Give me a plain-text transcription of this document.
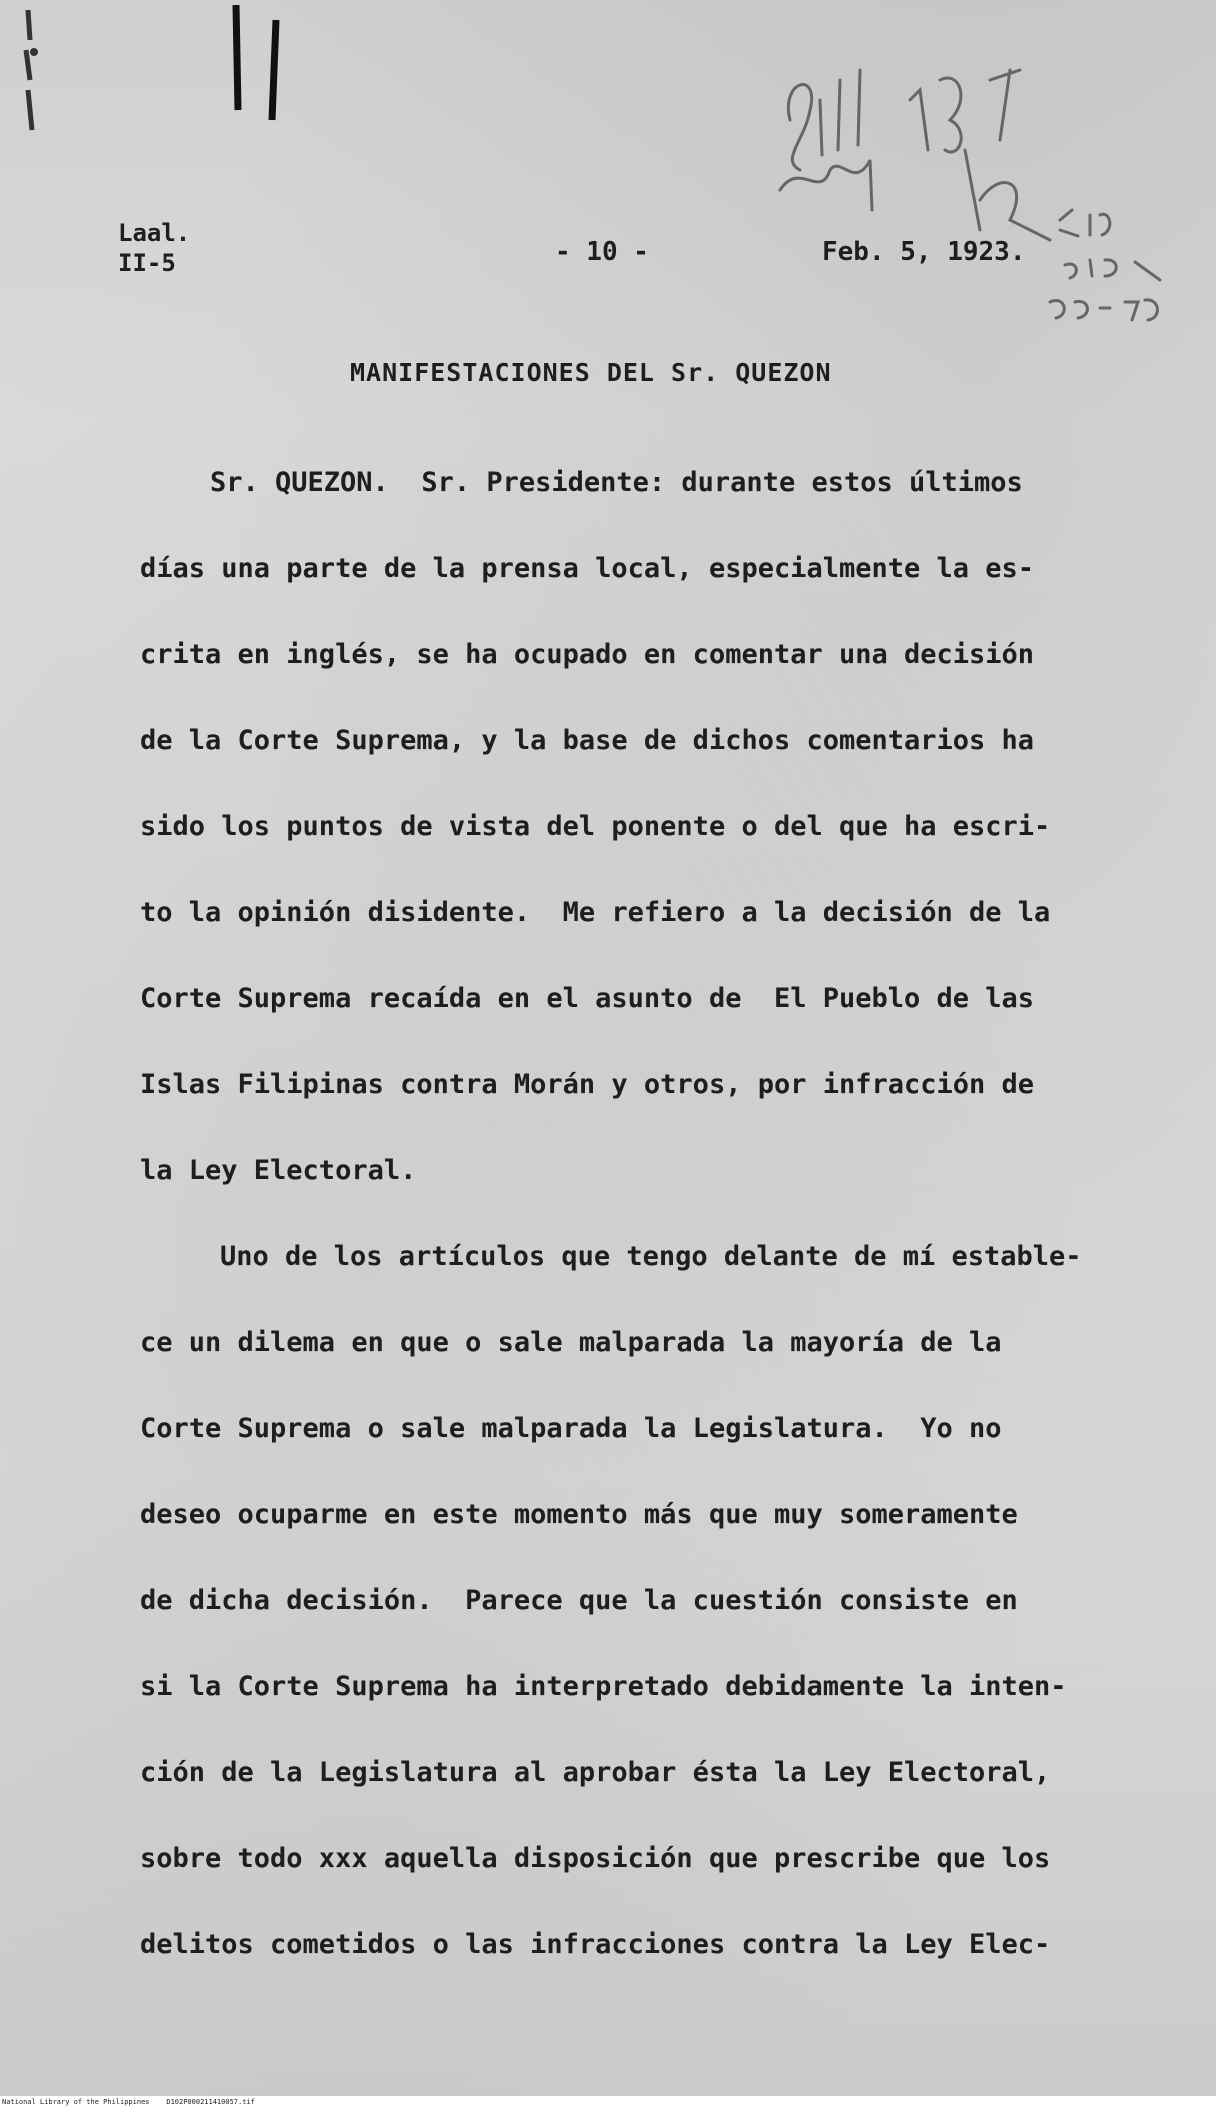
Laal.
II-5	- 10 -	Feb. 5, 1923.
MANIFESTACIONES DEL Sr. QUEZON

Sr. QUEZON.  Sr. Presidente: durante estos últimos

días una parte de la prensa local, especialmente la es-

crita en inglés, se ha ocupado en comentar una decisión

de la Corte Suprema, y la base de dichos comentarios ha

sido los puntos de vista del ponente o del que ha escri-

to la opinión disidente.  Me refiero a la decisión de la

Corte Suprema recaída en el asunto de  El Pueblo de las

Islas Filipinas contra Morán y otros, por infracción de

la Ley Electoral.

Uno de los artículos que tengo delante de mí estable-

ce un dilema en que o sale malparada la mayoría de la

Corte Suprema o sale malparada la Legislatura.  Yo no

deseo ocuparme en este momento más que muy someramente

de dicha decisión.  Parece que la cuestión consiste en

si la Corte Suprema ha interpretado debidamente la inten-

ción de la Legislatura al aprobar ésta la Ley Electoral,

sobre todo xxx aquella disposición que prescribe que los

delitos cometidos o las infracciones contra la Ley Elec-

National Library of the Philippines    D102P000211410057.tif
